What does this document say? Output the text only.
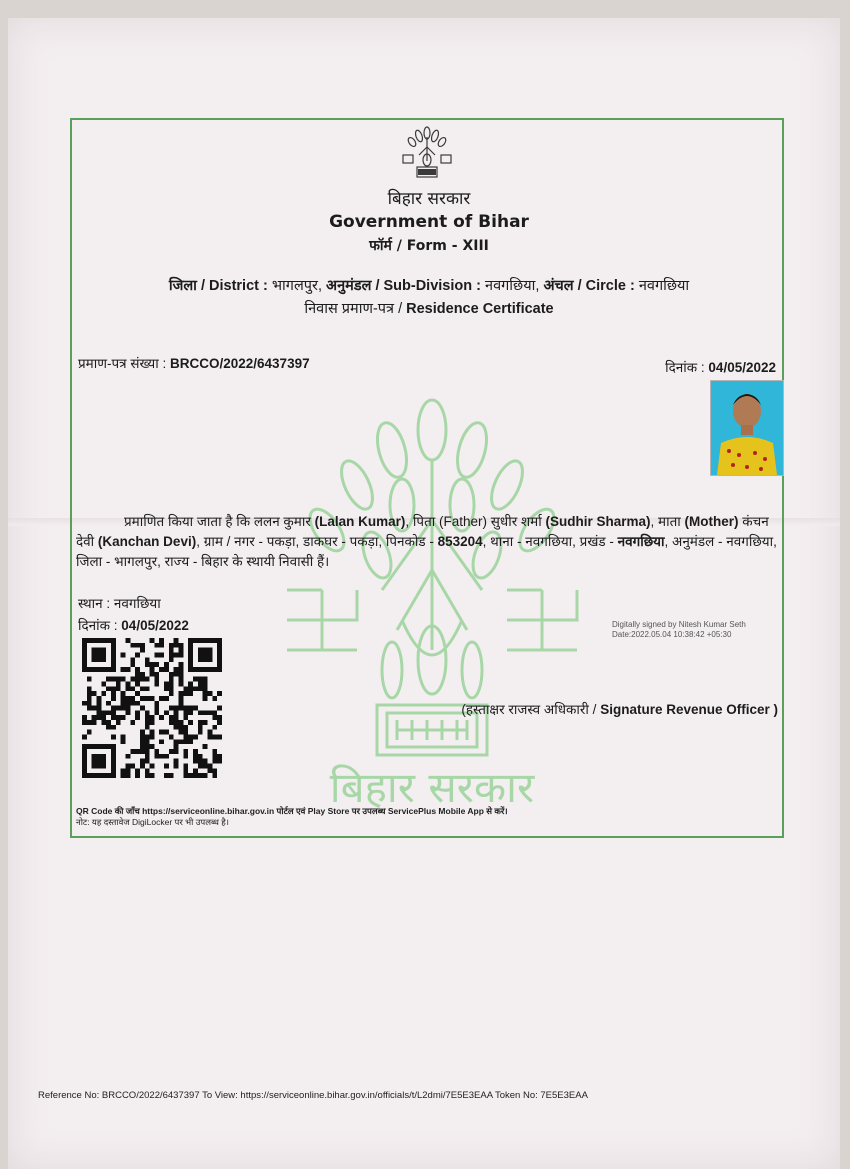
बिहार सरकार
बिहार सरकार
Government of Bihar
फॉर्म / Form - XIII
जिला / District : भागलपुर, अनुमंडल / Sub-Division : नवगछिया, अंचल / Circle : नवगछिया
निवास प्रमाण-पत्र / Residence Certificate
प्रमाण-पत्र संख्या : BRCCO/2022/6437397	दिनांक : 04/05/2022
प्रमाणित किया जाता है कि ललन कुमार (Lalan Kumar), पिता (Father) सुधीर शर्मा (Sudhir Sharma), माता (Mother) कंचन देवी (Kanchan Devi), ग्राम / नगर - पकड़ा, डाकघर - पकड़ा, पिनकोड - 853204, थाना - नवगछिया, प्रखंड - नवगछिया, अनुमंडल - नवगछिया, जिला - भागलपुर, राज्य - बिहार के स्थायी निवासी हैं।
स्थान : नवगछिया
दिनांक : 04/05/2022	Digitally signed by Nitesh Kumar Seth
Date:2022.05.04 10:38:42 +05:30
(हस्ताक्षर राजस्व अधिकारी / Signature Revenue Officer )
QR Code की जाँच https://serviceonline.bihar.gov.in पोर्टल एवं Play Store पर उपलब्ध ServicePlus Mobile App से करें।
नोट: यह दस्तावेज DigiLocker पर भी उपलब्ध है।
Reference No: BRCCO/2022/6437397 To View: https://serviceonline.bihar.gov.in/officials/t/L2dmi/7E5E3EAA Token No: 7E5E3EAA
